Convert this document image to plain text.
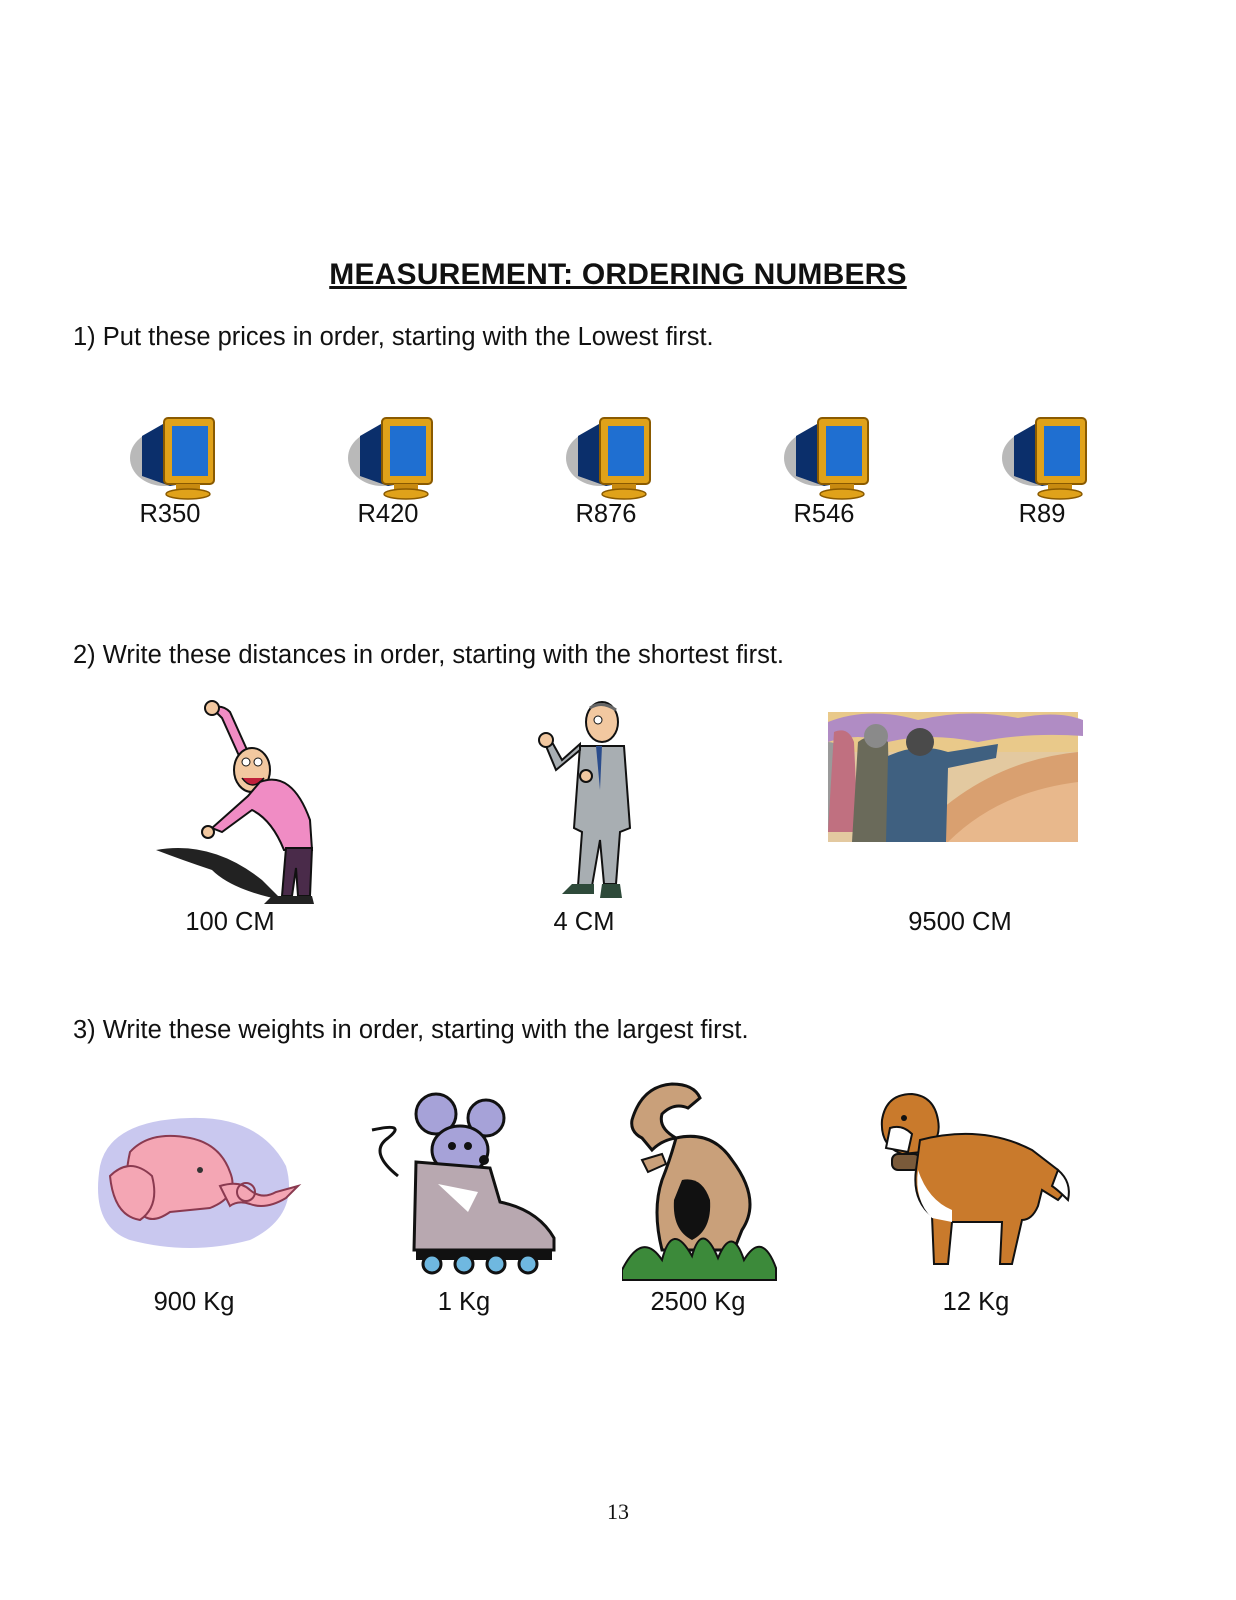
MEASUREMENT: ORDERING NUMBERS
1) Put these prices in order, starting with the Lowest first.
R350	R420	R876	R546	R89
2) Write these distances in order, starting with the shortest first.
100 CM	4 CM	9500 CM
3) Write these weights in order, starting with the largest first.
900 Kg	1 Kg	2500 Kg	12 Kg
13
